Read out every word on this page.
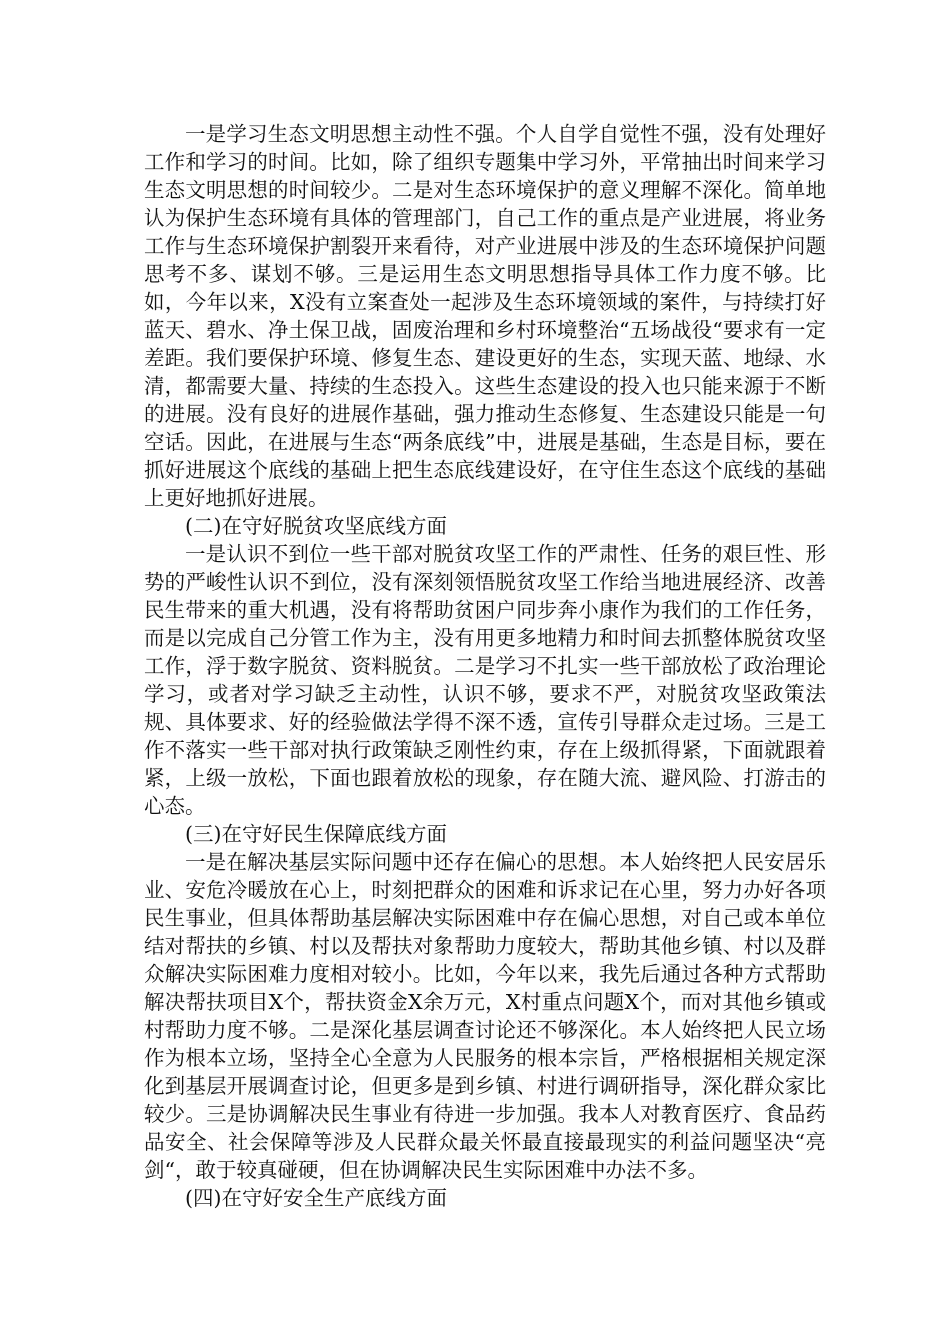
一是学习生态文明思想主动性不强。个人自学自觉性不强，没有处理好工作和学习的时间。比如，除了组织专题集中学习外，平常抽出时间来学习生态文明思想的时间较少。二是对生态环境保护的意义理解不深化。简单地认为保护生态环境有具体的管理部门，自己工作的重点是产业进展，将业务工作与生态环境保护割裂开来看待，对产业进展中涉及的生态环境保护问题思考不多、谋划不够。三是运用生态文明思想指导具体工作力度不够。比如，今年以来，X没有立案查处一起涉及生态环境领域的案件，与持续打好蓝天、碧水、净土保卫战，固废治理和乡村环境整治“五场战役“要求有一定差距。我们要保护环境、修复生态、建设更好的生态，实现天蓝、地绿、水清，都需要大量、持续的生态投入。这些生态建设的投入也只能来源于不断的进展。没有良好的进展作基础，强力推动生态修复、生态建设只能是一句空话。因此，在进展与生态“两条底线”中，进展是基础，生态是目标，要在抓好进展这个底线的基础上把生态底线建设好，在守住生态这个底线的基础上更好地抓好进展。

(二)在守好脱贫攻坚底线方面

一是认识不到位一些干部对脱贫攻坚工作的严肃性、任务的艰巨性、形势的严峻性认识不到位，没有深刻领悟脱贫攻坚工作给当地进展经济、改善民生带来的重大机遇，没有将帮助贫困户同步奔小康作为我们的工作任务，而是以完成自己分管工作为主，没有用更多地精力和时间去抓整体脱贫攻坚工作，浮于数字脱贫、资料脱贫。二是学习不扎实一些干部放松了政治理论学习，或者对学习缺乏主动性，认识不够，要求不严，对脱贫攻坚政策法规、具体要求、好的经验做法学得不深不透，宣传引导群众走过场。三是工作不落实一些干部对执行政策缺乏刚性约束，存在上级抓得紧，下面就跟着紧，上级一放松，下面也跟着放松的现象，存在随大流、避风险、打游击的心态。

(三)在守好民生保障底线方面

一是在解决基层实际问题中还存在偏心的思想。本人始终把人民安居乐业、安危冷暖放在心上，时刻把群众的困难和诉求记在心里，努力办好各项民生事业，但具体帮助基层解决实际困难中存在偏心思想，对自己或本单位结对帮扶的乡镇、村以及帮扶对象帮助力度较大，帮助其他乡镇、村以及群众解决实际困难力度相对较小。比如，今年以来，我先后通过各种方式帮助解决帮扶项目X个，帮扶资金X余万元，X村重点问题X个，而对其他乡镇或村帮助力度不够。二是深化基层调查讨论还不够深化。本人始终把人民立场作为根本立场，坚持全心全意为人民服务的根本宗旨，严格根据相关规定深化到基层开展调查讨论，但更多是到乡镇、村进行调研指导，深化群众家比较少。三是协调解决民生事业有待进一步加强。我本人对教育医疗、食品药品安全、社会保障等涉及人民群众最关怀最直接最现实的利益问题坚决“亮剑“，敢于较真碰硬，但在协调解决民生实际困难中办法不多。

(四)在守好安全生产底线方面
